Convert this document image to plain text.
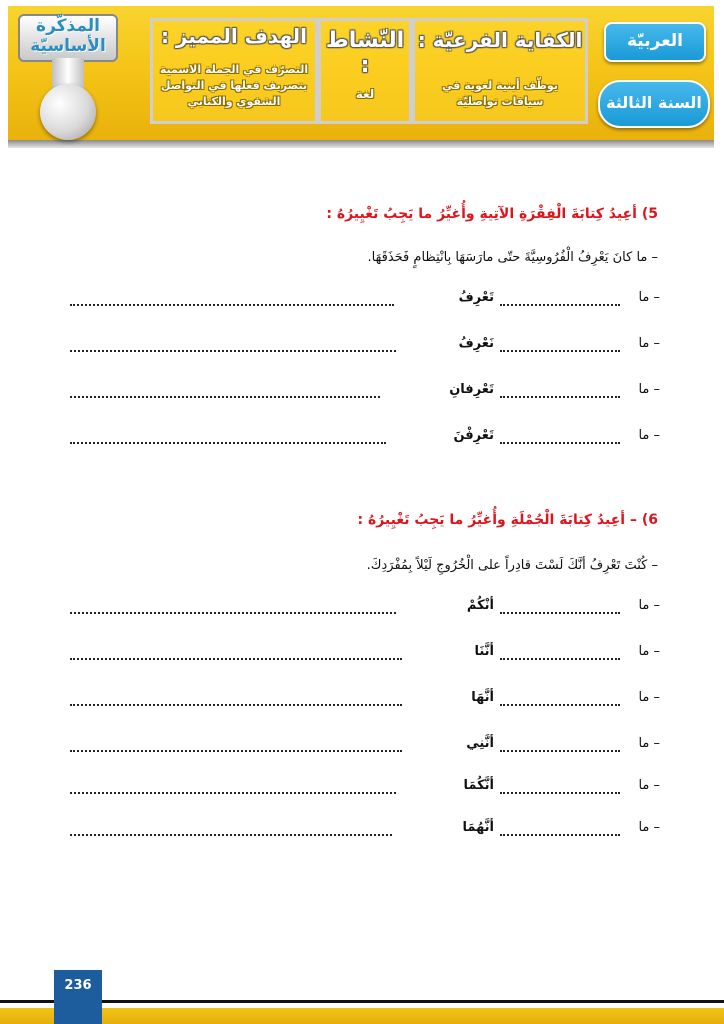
المذكّرة الأساسيّة	الهدف المميز :
التصرّف في الجملة الاسمية بتصريف فعلها في التواصل الشفوي والكتابي
النّشاط :
لغة
الكفاية الفرعيّة :
يوظّف أبنية لغوية في سياقات تواصليّة
العربيّة
السنة الثالثة
5) أعِيدُ كِتابَةَ الْفِقْرَةِ الآتِيةِ وأُغيِّرُ ما يَجِبُ تَغْيِيرُهُ :
– ما كانَ يَعْرِفُ الْفُرُوسِيَّةَ حتّى مارَسَهَا بِانْتِظامٍ فَحَذَقَهَا.
– ما
تَعْرِفُ
– ما
نَعْرِفُ
– ما
تَعْرِفانِ
– ما
تَعْرِفْنَ
6) – أعِيدُ كِتابَةَ الْجُمْلَةِ وأُغيِّرُ ما يَجِبُ تَغْيِيرُهُ :
– كُنْتَ تَعْرِفُ أنَّكَ لَسْتَ قادِراً على الْخُرُوجِ لَيْلاً بِمُفْرَدِكَ.
– ما
أنْكُمْ
– ما
أنَّنَا
– ما
أنَّهَا
– ما
أنَّنِي
– ما
أنَّكُمَا
– ما
أنَّهُمَا
236
